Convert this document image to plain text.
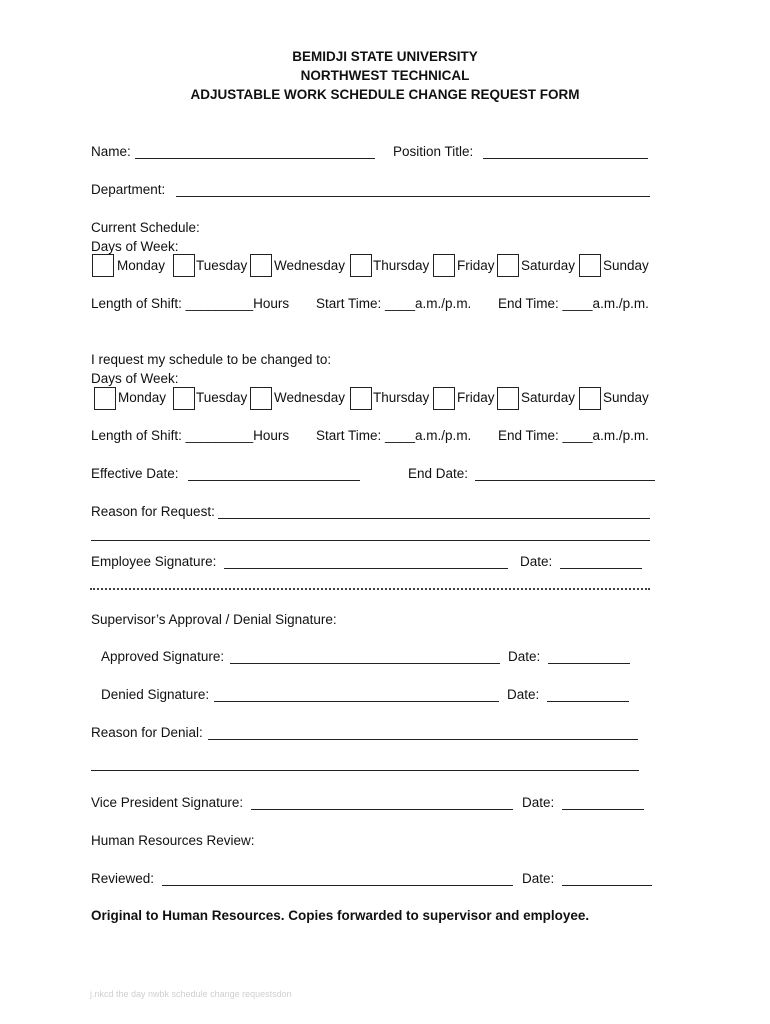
BEMIDJI STATE UNIVERSITY
NORTHWEST TECHNICAL
ADJUSTABLE WORK SCHEDULE CHANGE REQUEST FORM
Name:	Position Title:
Department:
Current Schedule:
Days of Week:
Monday Tuesday Wednesday Thursday Friday Saturday Sunday
Length of Shift: _________Hours Start Time: ____a.m./p.m. End Time: ____a.m./p.m.
I request my schedule to be changed to:
Days of Week:
Monday Tuesday Wednesday Thursday Friday Saturday Sunday
Length of Shift: _________Hours Start Time: ____a.m./p.m. End Time: ____a.m./p.m.
Effective Date:	End Date:
Reason for Request:
Employee Signature:	Date:
Supervisor’s Approval / Denial Signature:
Approved Signature:	Date:
Denied Signature:	Date:
Reason for Denial:
Vice President Signature:	Date:
Human Resources Review:
Reviewed:	Date:
Original to Human Resources. Copies forwarded to supervisor and employee.
j.nkcd the day nwbk schedule change requestsdon
